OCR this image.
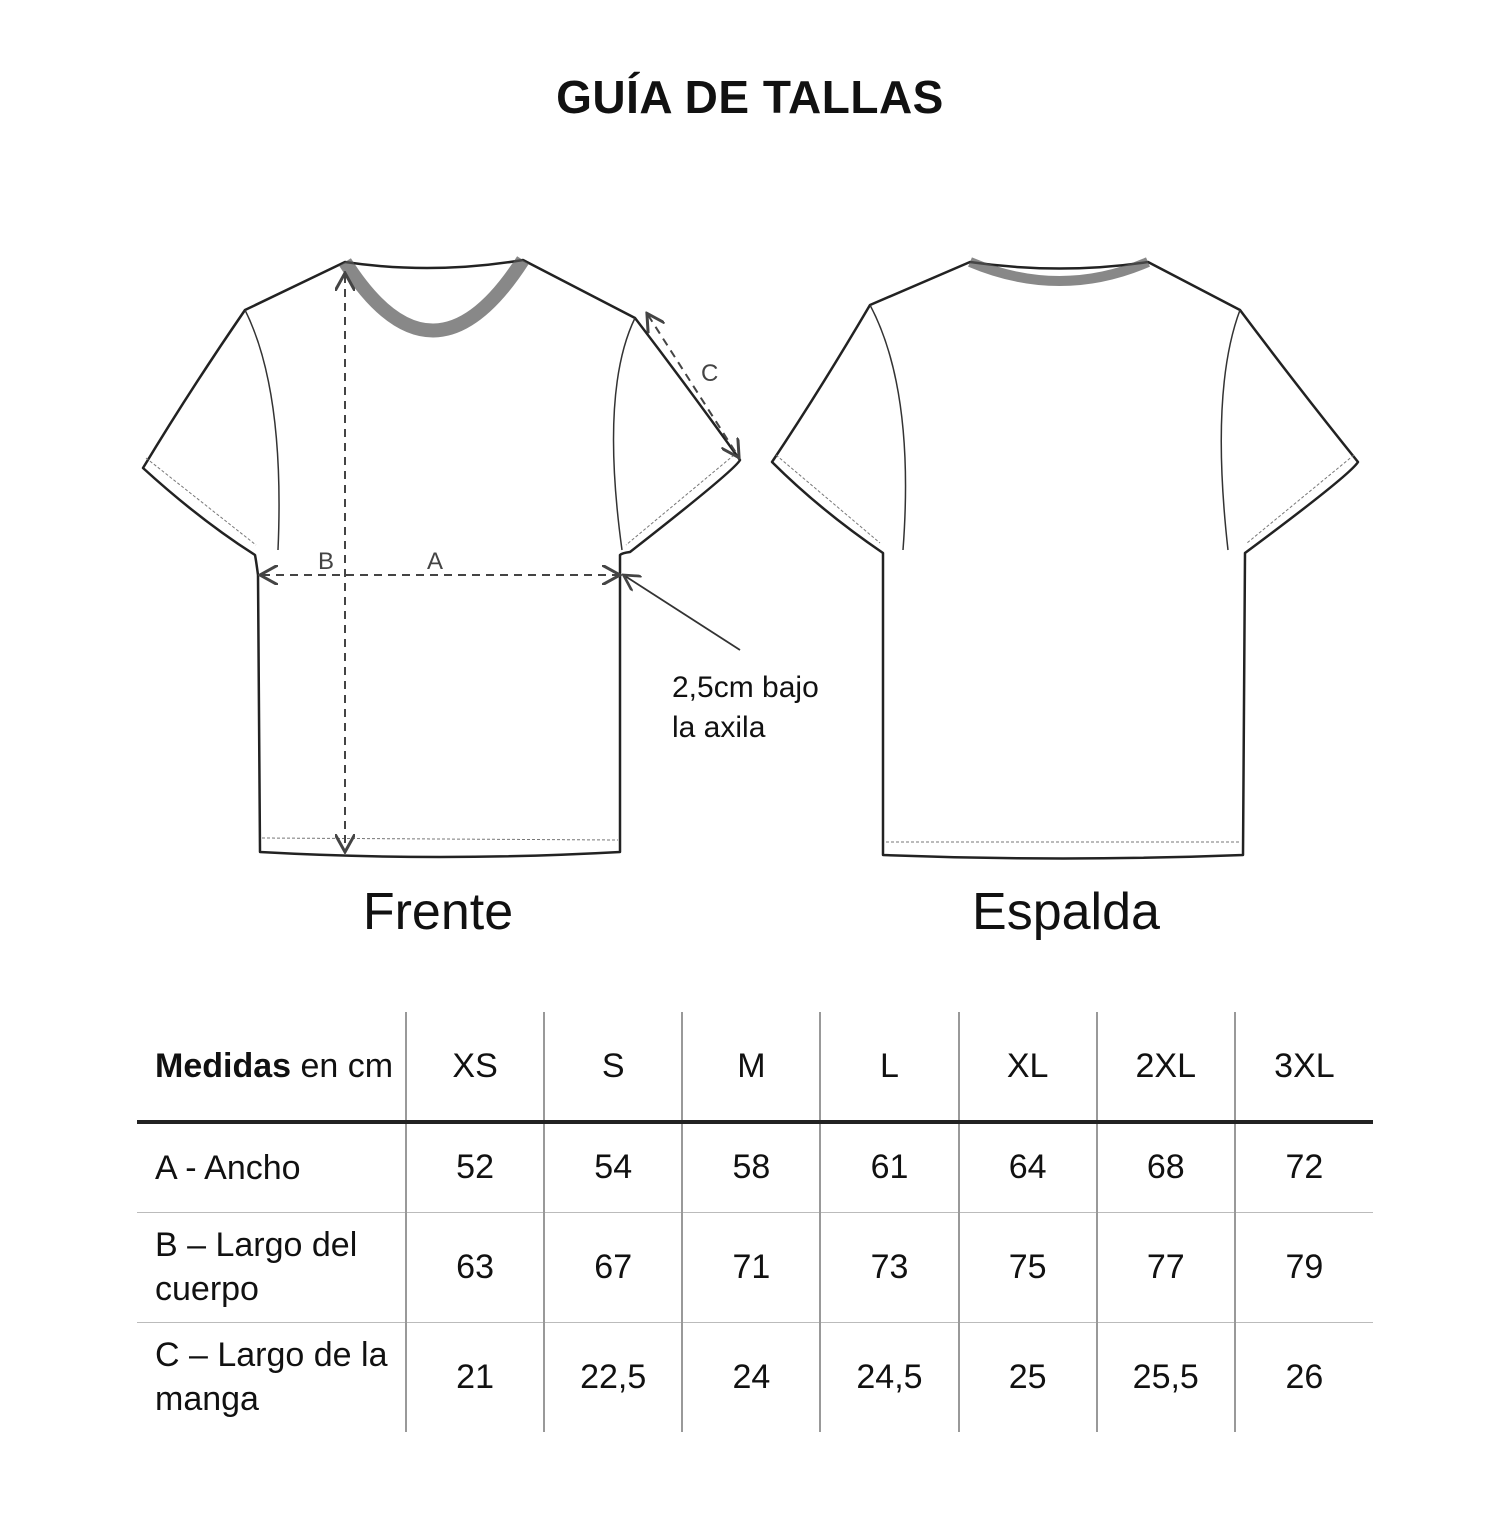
GUÍA DE TALLAS
B	A
C
2,5cm bajo
la axila
Frente	Espalda
Medidas en cm	XS	S	M	L	XL	2XL	3XL
A - Ancho	52	54	58	61	64	68	72
B – Largo del cuerpo	63	67	71	73	75	77	79
C – Largo de la manga	21	22,5	24	24,5	25	25,5	26
